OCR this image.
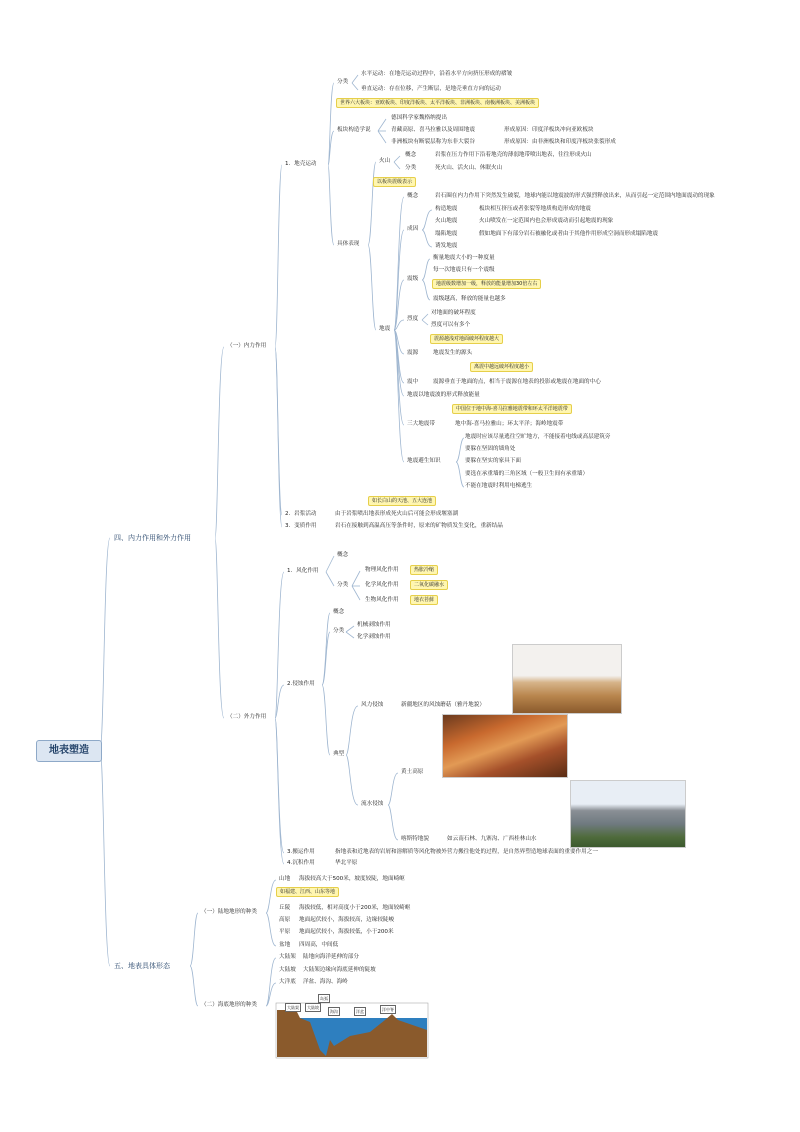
地表塑造
四、内力作用和外力作用
五、地表具体形态
（一）内力作用
（二）外力作用
1．地壳运动
分类
水平运动：在地壳运动过程中，沿着水平方向挤压形成的褶皱
垂直运动：存在位移，产生断层，是地壳垂直方向的运动
世界六大板块：亚欧板块、印度洋板块、太平洋板块、非洲板块、南极洲板块、美洲板块
板块构造学说
德国科学家魏格纳提出
青藏高原、喜马拉雅以及周围地震	形成原因：印度洋板块冲向亚欧板块
非洲板块有断裂层称为东非大裂谷	形成原因：由非洲板块和印度洋板块张裂形成
具体表现
火山
概念	岩浆在压力作用下沿着地壳的薄弱地带喷出地表，往往形成火山
分类	死火山、活火山、休眠火山
以板块震级表示
地震
概念	岩石圈在内力作用下突然发生破裂，地球内能以地震波的形式强烈释放出来，从而引起一定范围内地面震动的现象
成因
构造地震	板块相互挤压或者张裂等地质构造形成的地震
火山地震	火山喷发在一定范围内也会形成震动而引起地震的现象
塌陷地震	假如地面下有部分岩石被融化或者由于其他作用形成空洞而形成塌陷地震
诱发地震
震级
衡量地震大小的一种度量
每一次地震只有一个震级
地震级数增加一级，释放的能量增加30倍左右
震级越高，释放的能量也越多
烈度
对地面的破坏程度
烈度可以有多个
震源越浅对地面破坏程度越大
震源	地震发生的源头
离震中越远破坏程度越小
震中	震源垂直于地面的点，相当于震源在地表的投影或地震在地面的中心
地震以地震波的形式释放能量
中国位于地中海-喜马拉雅地震带和环太平洋地震带
三大地震带	地中海-喜马拉雅山；环太平洋；海岭地震带
地震避生知识
地震时应该尽量逃往空旷地方，不能接着电线或高层建筑旁
要躲在坚固的墙角处
要躲在坚实的家具下面
要选在承重墙的三角区域（一般卫生间有承重墙）
不能在地震时利用电梯逃生
如长白山的天池、五大连池
2．岩浆活动	由于岩浆喷出地表形成死火山后可能会形成堰塞湖
3．变质作用	岩石在接触到高温高压等条件时，原来的矿物质发生变化，重新结晶
1．风化作用
概念
分类
物理风化作用	热胀冷缩
化学风化作用	二氧化碳融水
生物风化作用	地衣苔藓
2.侵蚀作用
概念
分类
机械剥蚀作用
化学剥蚀作用
典型
风力侵蚀	新疆地区的风蚀蘑菇（雅丹地貌）
流水侵蚀
黄土高原
喀斯特地貌	如云南石林、九寨沟、广西桂林山水
3.搬运作用	指地表和近地表的岩屑和溶解质等风化物被外营力搬往他处的过程，是自然界塑造地球表面的重要作用之一
4.沉积作用	华北平原
（一）陆地地形的种类
山地 海拔较高大于500米，坡度较陡，地面崎岖
如福建、江西、山东等地
丘陵 海拔较低，相对高度小于200米，地面较崎岖
高原 地面起伏较小，海拔较高，边缘较陡峻
平原 地面起伏较小，海拔较低，小于200米
盆地 四周高，中间低
（二）海底地形的种类
大陆架 陆地向海洋延伸的部分
大陆坡 大陆架边缘向海底延伸的陡坡
大洋底 洋盆、海沟、海岭
大陆架	大陆坡
岛弧
海沟	洋盆	洋中脊
